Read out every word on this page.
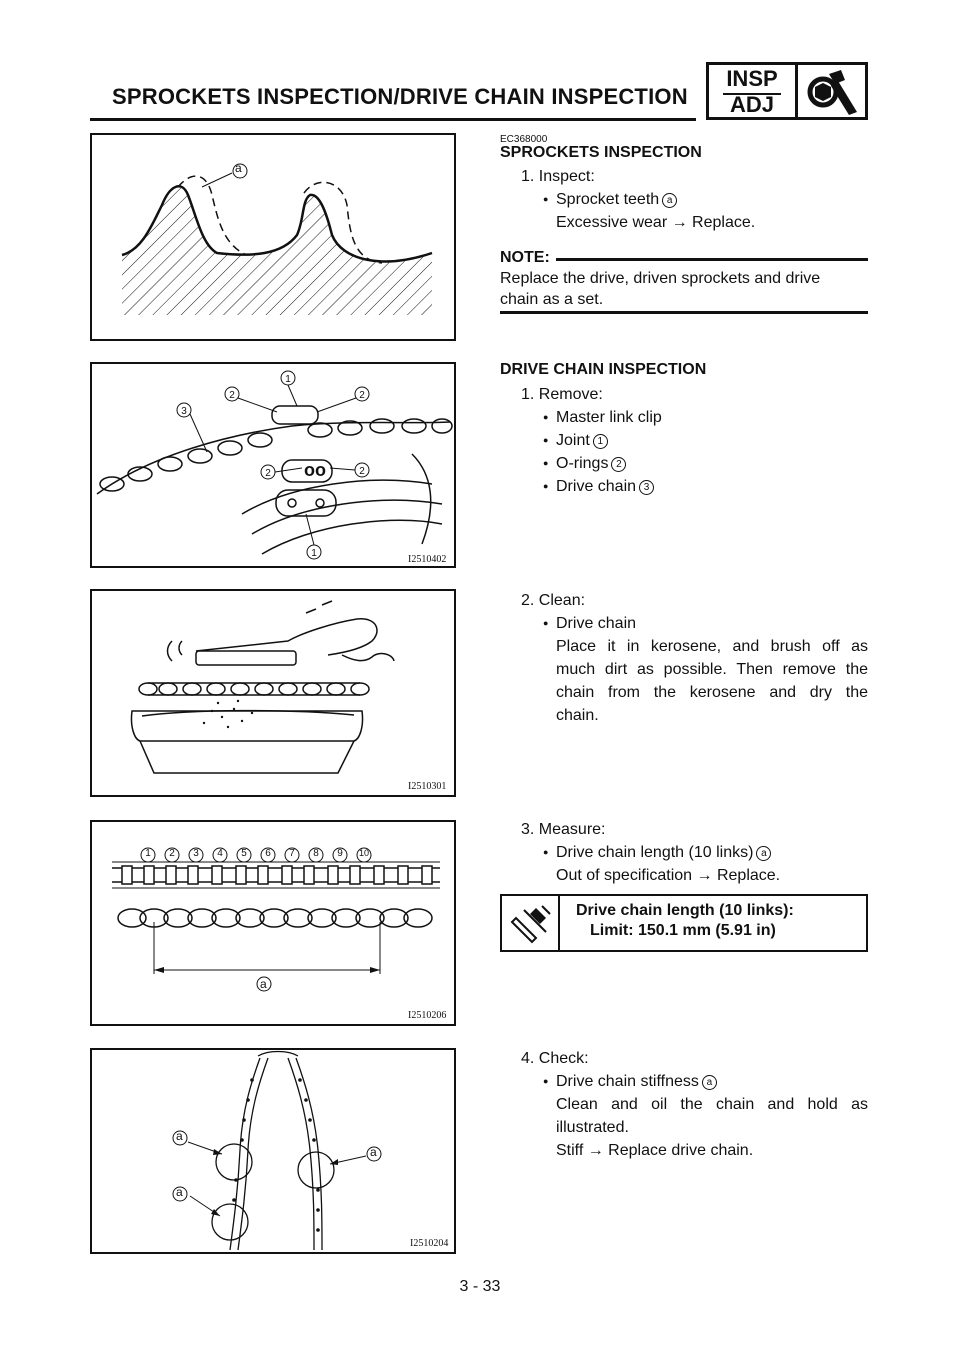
SPROCKETS INSPECTION/DRIVE CHAIN INSPECTION
INSP
ADJ
a
EC368000
SPROCKETS INSPECTION
1. Inspect:
● Sprocket teeth a
Excessive wear → Replace.
NOTE:
Replace the drive, driven sprockets and drive
chain as a set.
oo
1
2	2
3
2	2
1
I2510402
DRIVE CHAIN INSPECTION
1. Remove:
● Master link clip
● Joint 1
● O-rings 2
● Drive chain 3
I2510301
2. Clean:
● Drive chain
Place it in kerosene, and brush off as
much dirt as possible. Then remove the
chain from the kerosene and dry the
chain.
1 2 3 4 5 6 7 8 9 10
a
I2510206
3. Measure:
● Drive chain length (10 links) a
Out of specification → Replace.
Drive chain length (10 links):
Limit: 150.1 mm (5.91 in)
a
a
a
I2510204
4. Check:
● Drive chain stiffness a
Clean and oil the chain and hold as
illustrated.
Stiff → Replace drive chain.
3 - 33
